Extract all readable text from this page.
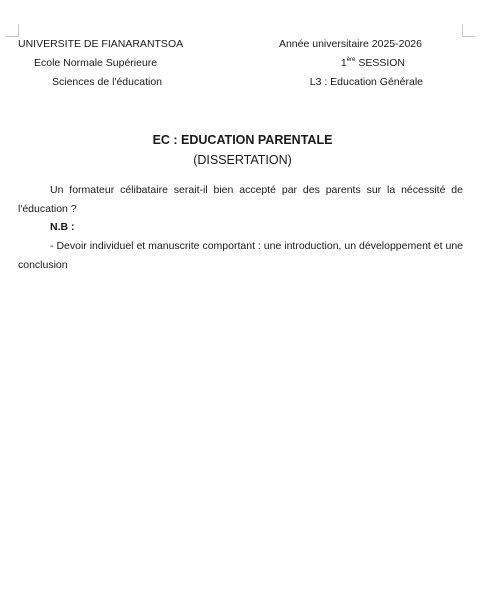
UNIVERSITE DE FIANARANTSOA
Ecole Normale Supérieure
Sciences de l'éducation
Année universitaire 2025-2026
1ère SESSION
L3 : Education Générale
EC : EDUCATION PARENTALE
(DISSERTATION)
Un formateur célibataire serait-il bien accepté par des parents sur la nécessité de l'éducation ?
N.B :
- Devoir individuel et manuscrite comportant : une introduction, un développement et une conclusion
